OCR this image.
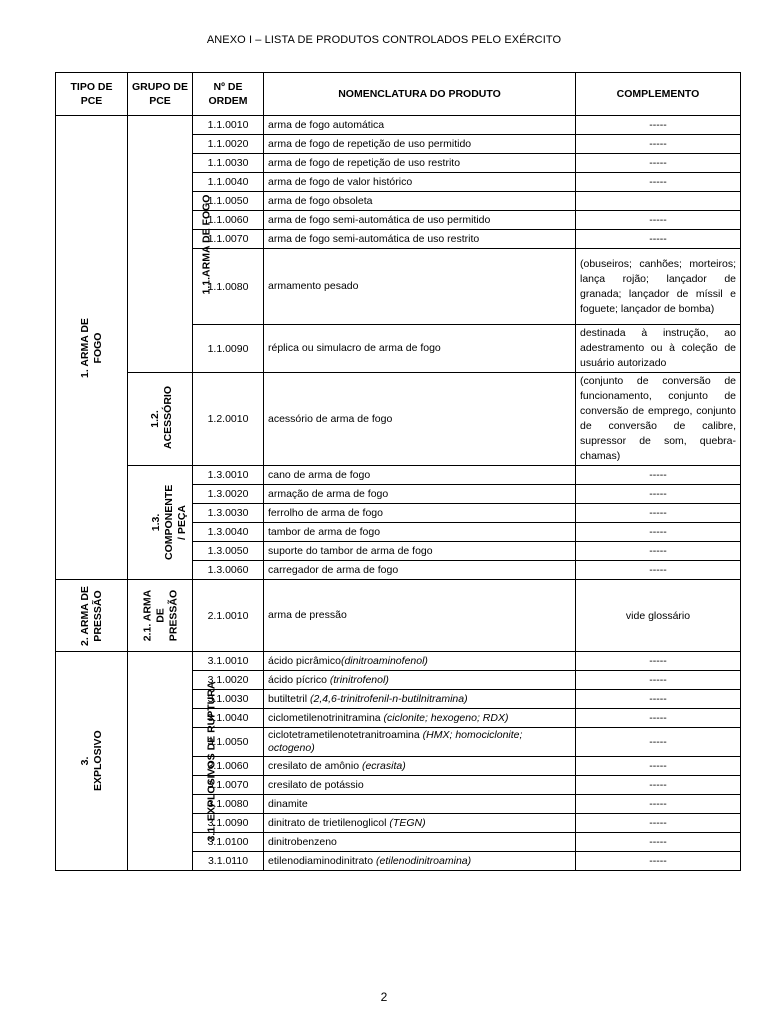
ANEXO I – LISTA DE PRODUTOS CONTROLADOS PELO EXÉRCITO
TIPO DE PCE	GRUPO DE PCE	Nº DE ORDEM	NOMENCLATURA DO PRODUTO	COMPLEMENTO
1. ARMA DE FOGO	1.1.ARMA DE FOGO	1.1.0010	arma de fogo automática	-----
		1.1.0020	arma de fogo de repetição de uso permitido	-----
		1.1.0030	arma de fogo de repetição de uso restrito	-----
		1.1.0040	arma de fogo de valor histórico	-----
		1.1.0050	arma de fogo obsoleta	
		1.1.0060	arma de fogo semi-automática de uso permitido	-----
		1.1.0070	arma de fogo semi-automática de uso restrito	-----
		1.1.0080	armamento pesado	(obuseiros; canhões; morteiros; lança rojão; lançador de granada; lançador de míssil e foguete; lançador de bomba)
		1.1.0090	réplica ou simulacro de arma de fogo	destinada à instrução, ao adestramento ou à coleção de usuário autorizado
	1.2. ACESSÓRIO	1.2.0010	acessório de arma de fogo	(conjunto de conversão de funcionamento, conjunto de conversão de emprego, conjunto de conversão de calibre, supressor de som, quebra-chamas)
	1.3. COMPONENTE / PEÇA	1.3.0010	cano de arma de fogo	-----
		1.3.0020	armação de arma de fogo	-----
		1.3.0030	ferrolho de arma de fogo	-----
		1.3.0040	tambor de arma de fogo	-----
		1.3.0050	suporte do tambor de arma de fogo	-----
		1.3.0060	carregador de arma de fogo	-----
2. ARMA DE PRESSÃO	2.1. ARMA DE PRESSÃO	2.1.0010	arma de pressão	vide glossário
3. EXPLOSIVO	3.1. EXPLOSIVOS DE RUPTURA	3.1.0010	ácido picrâmico(dinitroaminofenol)	-----
		3.1.0020	ácido pícrico (trinitrofenol)	-----
		3.1.0030	butiltetril (2,4,6-trinitrofenil-n-butilnitramina)	-----
		3.1.0040	ciclometilenotrinitramina (ciclonite; hexogeno; RDX)	-----
		3.1.0050	ciclotetrametilenotetranitroamina (HMX; homociclonite; octogeno)	-----
		3.1.0060	cresilato de amônio (ecrasita)	-----
		3.1.0070	cresilato de potássio	-----
		3.1.0080	dinamite	-----
		3.1.0090	dinitrato de trietilenoglicol (TEGN)	-----
		3.1.0100	dinitrobenzeno	-----
		3.1.0110	etilenodiaminodinitrato (etilenodinitroamina)	-----
2
